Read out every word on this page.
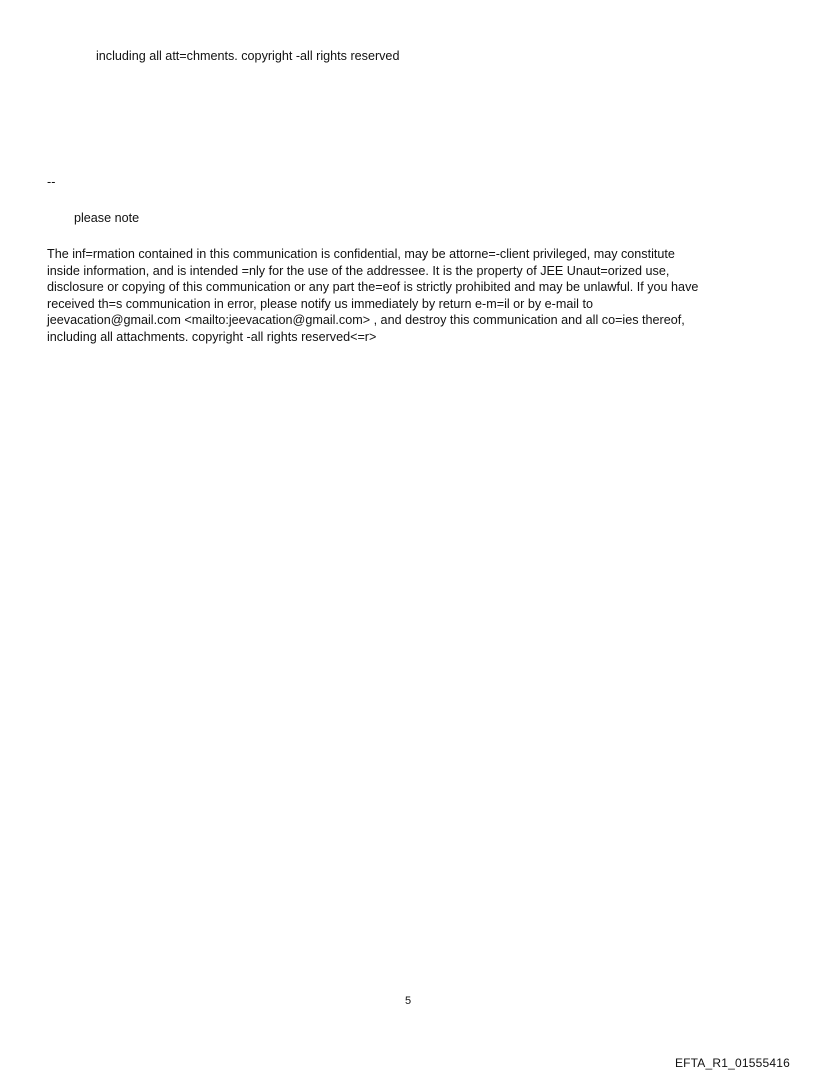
including all att=chments. copyright -all rights reserved
--
please note
The inf=rmation contained in this communication is confidential, may be attorne=-client privileged, may constitute
inside information, and is intended =nly for the use of the addressee. It is the property of JEE Unaut=orized use,
disclosure or copying of this communication or any part the=eof is strictly prohibited and may be unlawful. If you have
received th=s communication in error, please notify us immediately by return e-m=il or by e-mail to
jeevacation@gmail.com <mailto:jeevacation@gmail.com> , and destroy this communication and all co=ies thereof,
including all attachments. copyright -all rights reserved<=r>
5
EFTA_R1_01555416
